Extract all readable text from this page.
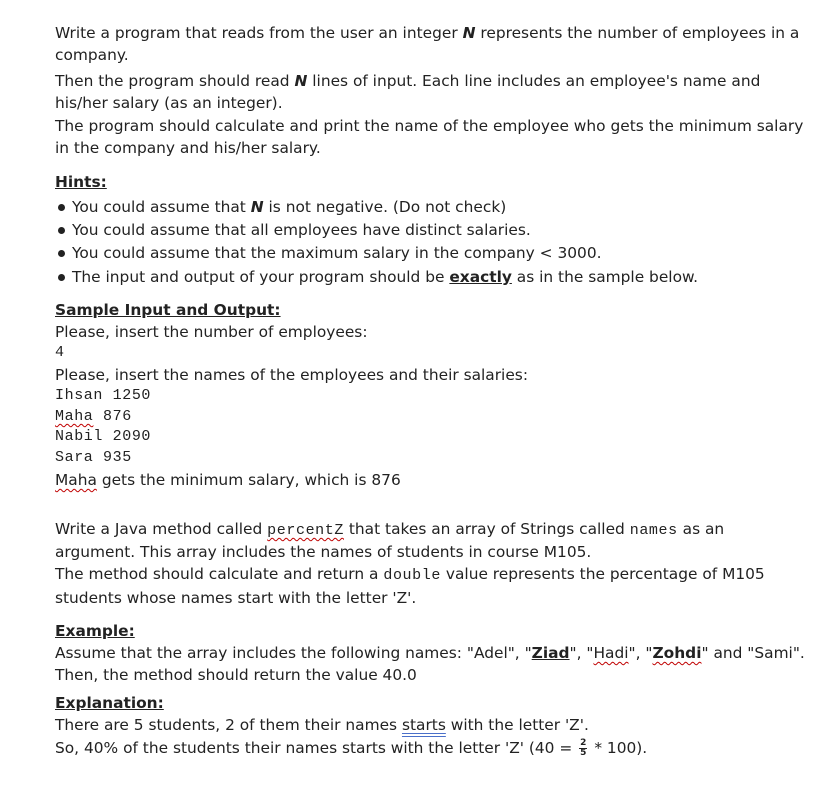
Write a program that reads from the user an integer N represents the number of employees in a
company.
Then the program should read N lines of input. Each line includes an employee's name and
his/her salary (as an integer).
The program should calculate and print the name of the employee who gets the minimum salary
in the company and his/her salary.
Hints:
You could assume that N is not negative. (Do not check)
You could assume that all employees have distinct salaries.
You could assume that the maximum salary in the company < 3000.
The input and output of your program should be exactly as in the sample below.
Sample Input and Output:
Please, insert the number of employees:
4
Please, insert the names of the employees and their salaries:
Ihsan 1250
Maha 876
Nabil 2090
Sara 935
Maha gets the minimum salary, which is 876
Write a Java method called percentZ that takes an array of Strings called names as an
argument. This array includes the names of students in course M105.
The method should calculate and return a double value represents the percentage of M105
students whose names start with the letter 'Z'.
Example:
Assume that the array includes the following names: "Adel", "Ziad", "Hadi", "Zohdi" and "Sami".
Then, the method should return the value 40.0
Explanation:
There are 5 students, 2 of them their names starts with the letter 'Z'.
So, 40% of the students their names starts with the letter 'Z' $(40 = \frac{2}{5} * 100)$.
